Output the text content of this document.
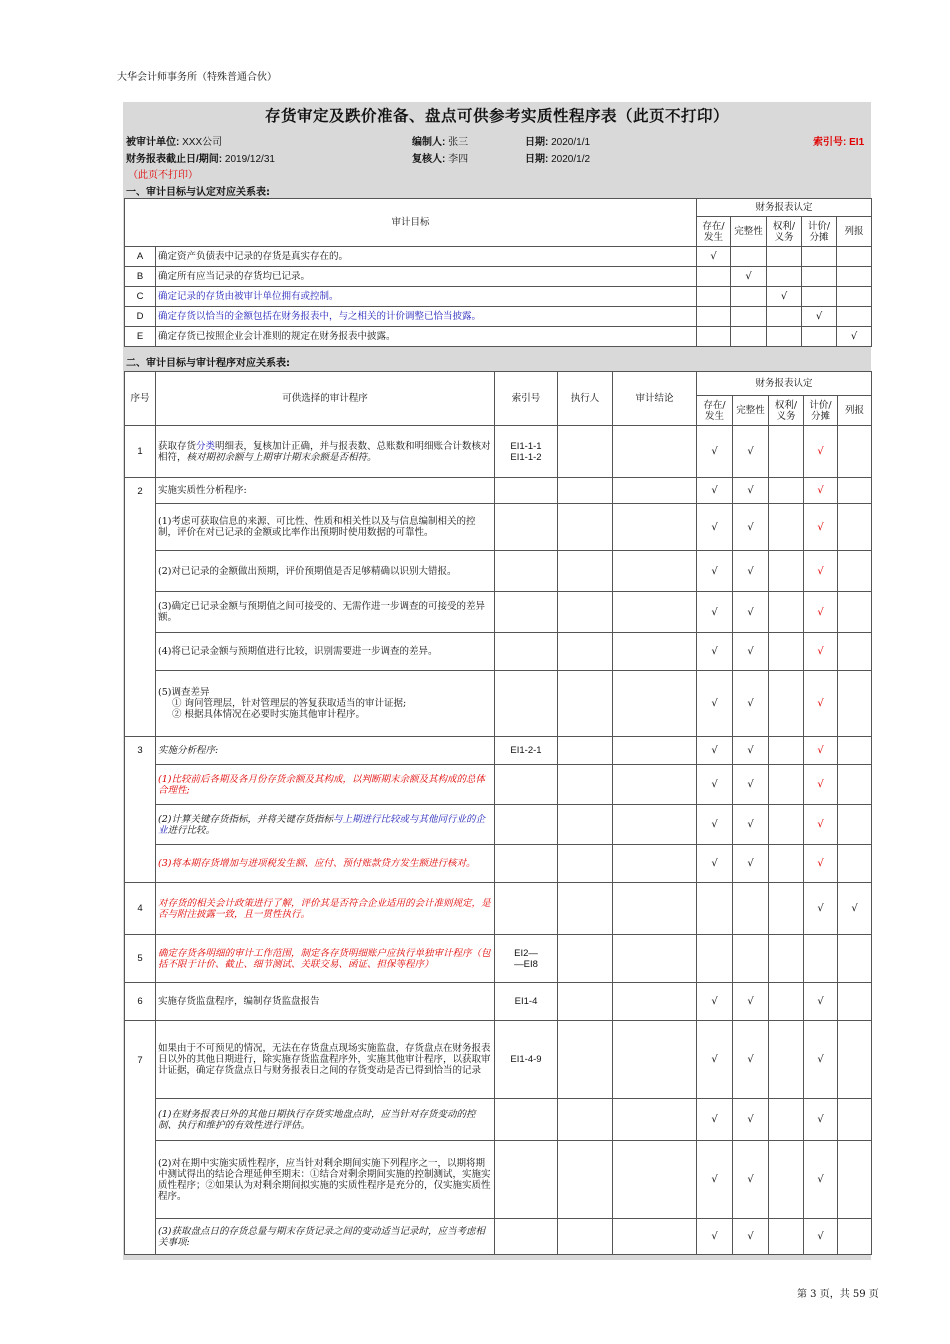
大华会计师事务所（特殊普通合伙）
存货审定及跌价准备、盘点可供参考实质性程序表（此页不打印）
被审计单位: XXX公司	编制人: 张三	日期: 2020/1/1	索引号: EI1
财务报表截止日/期间: 2019/12/31	复核人: 李四	日期: 2020/1/2
（此页不打印）
一、审计目标与认定对应关系表:
审计目标		财务报表认定				
		存在/发生	完整性	权利/义务	计价/分摊	列报
A	确定资产负债表中记录的存货是真实存在的。	√				
B	确定所有应当记录的存货均已记录。		√			
C	确定记录的存货由被审计单位拥有或控制。			√		
D	确定存货以恰当的金额包括在财务报表中，与之相关的计价调整已恰当披露。				√	
E	确定存货已按照企业会计准则的规定在财务报表中披露。					√
二、审计目标与审计程序对应关系表:
序号	可供选择的审计程序	索引号	执行人	审计结论	财务报表认定				
					存在/发生	完整性	权利/义务	计价/分摊	列报
1	获取存货分类明细表，复核加计正确，并与报表数、总账数和明细账合计数核对相符，核对期初余额与上期审计期末余额是否相符。	EI1-1-1
EI1-1-2			√	√		√	
2	实施实质性分析程序:				√	√		√	
	(1)考虑可获取信息的来源、可比性、性质和相关性以及与信息编制相关的控制，评价在对已记录的金额或比率作出预期时使用数据的可靠性。				√	√		√	
	(2)对已记录的金额做出预期，评价预期值是否足够精确以识别大错报。				√	√		√	
	(3)确定已记录金额与预期值之间可接受的、无需作进一步调查的可接受的差异额。				√	√		√	
	(4)将已记录金额与预期值进行比较，识别需要进一步调查的差异。				√	√		√	
	(5)调查差异
① 询问管理层，针对管理层的答复获取适当的审计证据;
② 根据具体情况在必要时实施其他审计程序。				√	√		√	
3	实施分析程序:	EI1-2-1			√	√		√	
	(1)比较前后各期及各月份存货余额及其构成，以判断期末余额及其构成的总体合理性;				√	√		√	
	(2)计算关键存货指标，并将关键存货指标与上期进行比较或与其他同行业的企业进行比较。				√	√		√	
	(3)将本期存货增加与进项税发生额、应付、预付账款贷方发生额进行核对。				√	√		√	
4	对存货的相关会计政策进行了解，评价其是否符合企业适用的会计准则规定，是否与附注披露一致，且一贯性执行。							√	√
5	确定存货各明细的审计工作范围，制定各存货明细账户应执行单独审计程序（包括不限于计价、截止、细节测试、关联交易、函证、担保等程序）	EI2—
—EI8							
6	实施存货监盘程序，编制存货监盘报告	EI1-4			√	√		√	
7	如果由于不可预见的情况，无法在存货盘点现场实施监盘，存货盘点在财务报表日以外的其他日期进行，除实施存货监盘程序外，实施其他审计程序，以获取审计证据，确定存货盘点日与财务报表日之间的存货变动是否已得到恰当的记录	EI1-4-9			√	√		√	
	(1)在财务报表日外的其他日期执行存货实地盘点时，应当针对存货变动的控制、执行和维护的有效性进行评估。				√	√		√	
	(2)对在期中实施实质性程序，应当针对剩余期间实施下列程序之一，以期将期中测试得出的结论合理延伸至期末：①结合对剩余期间实施的控制测试，实施实质性程序；②如果认为对剩余期间拟实施的实质性程序是充分的，仅实施实质性程序。				√	√		√	
	(3)获取盘点日的存货总量与期末存货记录之间的变动适当记录时，应当考虑相关事项:				√	√		√	
第 3 页，共 59 页
